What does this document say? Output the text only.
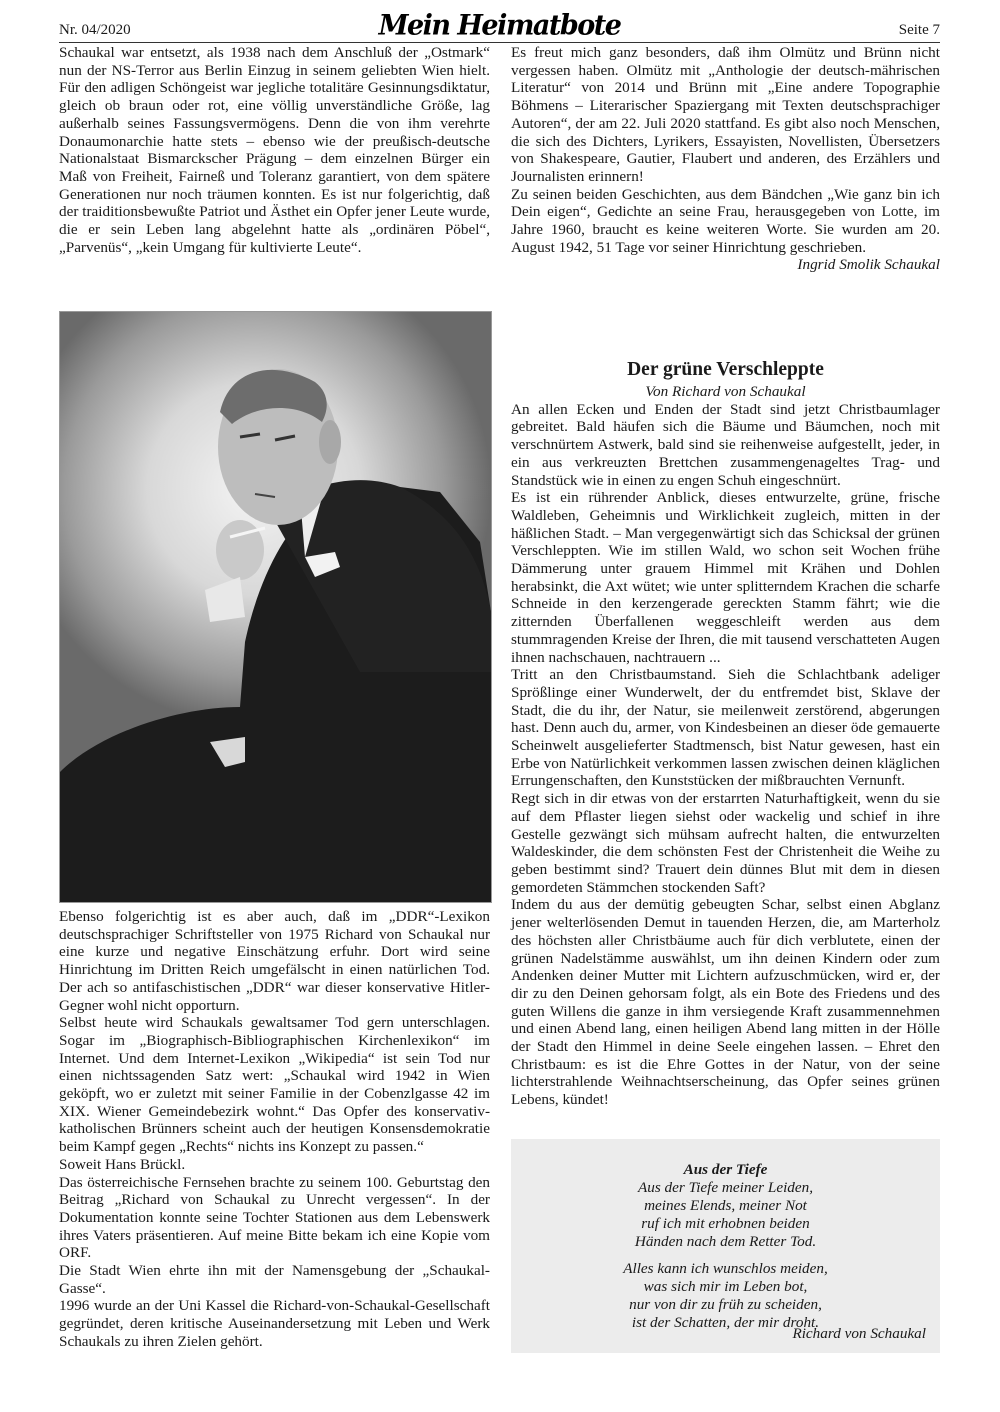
Nr. 04/2020	Mein Heimatbote	Seite 7

Schaukal war entsetzt, als 1938 nach dem Anschluß der „Ostmark“ nun der NS-Terror aus Berlin Einzug in seinem geliebten Wien hielt. Für den adligen Schöngeist war jegliche totalitäre Gesinnungsdiktatur, gleich ob braun oder rot, eine völlig unverständliche Größe, lag außerhalb seines Fassungsvermögens. Denn die von ihm verehrte Donaumonarchie hatte stets – ebenso wie der preußisch-deutsche Nationalstaat Bismarckscher Prägung – dem einzelnen Bürger ein Maß von Freiheit, Fairneß und Toleranz garantiert, von dem spätere Generationen nur noch träumen konnten. Es ist nur folgerichtig, daß der traiditionsbewußte Patriot und Ästhet ein Opfer jener Leute wurde, die er sein Leben lang abgelehnt hatte als „ordinären Pöbel“, „Parvenüs“, „kein Umgang für kultivierte Leute“.

Ebenso folgerichtig ist es aber auch, daß im „DDR“-Lexikon deutschsprachiger Schriftsteller von 1975 Richard von Schaukal nur eine kurze und negative Einschätzung erfuhr. Dort wird seine Hinrichtung im Dritten Reich umgefälscht in einen natürlichen Tod. Der ach so antifaschistischen „DDR“ war dieser konservative Hitler-Gegner wohl nicht opporturn.

Selbst heute wird Schaukals gewaltsamer Tod gern unterschlagen. Sogar im „Biographisch-Bibliographischen Kirchenlexikon“ im Internet. Und dem Internet-Lexikon „Wikipedia“ ist sein Tod nur einen nichtssagenden Satz wert: „Schaukal wird 1942 in Wien geköpft, wo er zuletzt mit seiner Familie in der Cobenzlgasse 42 im XIX. Wiener Gemeindebezirk wohnt.“ Das Opfer des konservativ-katholischen Brünners scheint auch der heutigen Konsensdemokratie beim Kampf gegen „Rechts“ nichts ins Konzept zu passen.“

Soweit Hans Brückl.

Das österreichische Fernsehen brachte zu seinem 100. Geburtstag den Beitrag „Richard von Schaukal zu Unrecht vergessen“. In der Dokumentation konnte seine Tochter Stationen aus dem Lebenswerk ihres Vaters präsentieren. Auf meine Bitte bekam ich eine Kopie vom ORF.

Die Stadt Wien ehrte ihn mit der Namensgebung der „Schaukal-Gasse“.

1996 wurde an der Uni Kassel die Richard-von-Schaukal-Gesellschaft gegründet, deren kritische Auseinandersetzung mit Leben und Werk Schaukals zu ihren Zielen gehört.

Es freut mich ganz besonders, daß ihm Olmütz und Brünn nicht vergessen haben. Olmütz mit „Anthologie der deutsch-mährischen Literatur“ von 2014 und Brünn mit „Eine andere Topographie Böhmens – Literarischer Spaziergang mit Texten deutschsprachiger Autoren“, der am 22. Juli 2020 stattfand. Es gibt also noch Menschen, die sich des Dichters, Lyrikers, Essayisten, Novellisten, Übersetzers von Shakespeare, Gautier, Flaubert und anderen, des Erzählers und Journalisten erinnern!

Zu seinen beiden Geschichten, aus dem Bändchen „Wie ganz bin ich Dein eigen“, Gedichte an seine Frau, herausgegeben von Lotte, im Jahre 1960, braucht es keine weiteren Worte. Sie wurden am 20. August 1942, 51 Tage vor seiner Hinrichtung geschrieben.

Ingrid Smolik Schaukal

Der grüne Verschleppte
Von Richard von Schaukal

An allen Ecken und Enden der Stadt sind jetzt Christbaumlager gebreitet. Bald häufen sich die Bäume und Bäumchen, noch mit verschnürtem Astwerk, bald sind sie reihenweise aufgestellt, jeder, in ein aus verkreuzten Brettchen zusammengenageltes Trag- und Standstück wie in einen zu engen Schuh eingeschnürt.

Es ist ein rührender Anblick, dieses entwurzelte, grüne, frische Waldleben, Geheimnis und Wirklichkeit zugleich, mitten in der häßlichen Stadt. – Man vergegenwärtigt sich das Schicksal der grünen Verschleppten. Wie im stillen Wald, wo schon seit Wochen frühe Dämmerung unter grauem Himmel mit Krähen und Dohlen herabsinkt, die Axt wütet; wie unter splitterndem Krachen die scharfe Schneide in den kerzengerade gereckten Stamm fährt; wie die zitternden Überfallenen weggeschleift werden aus dem stummragenden Kreise der Ihren, die mit tausend verschatteten Augen ihnen nachschauen, nachtrauern ...

Tritt an den Christbaumstand. Sieh die Schlachtbank adeliger Sprößlinge einer Wunderwelt, der du entfremdet bist, Sklave der Stadt, die du ihr, der Natur, sie meilenweit zerstörend, abgerungen hast. Denn auch du, armer, von Kindesbeinen an dieser öde gemauerte Scheinwelt ausgelieferter Stadtmensch, bist Natur gewesen, hast ein Erbe von Natürlichkeit verkommen lassen zwischen deinen kläglichen Errungenschaften, den Kunststücken der mißbrauchten Vernunft.

Regt sich in dir etwas von der erstarrten Naturhaftigkeit, wenn du sie auf dem Pflaster liegen siehst oder wackelig und schief in ihre Gestelle gezwängt sich mühsam aufrecht halten, die entwurzelten Waldeskinder, die dem schönsten Fest der Christenheit die Weihe zu geben bestimmt sind? Trauert dein dünnes Blut mit dem in diesen gemordeten Stämmchen stockenden Saft?

Indem du aus der demütig gebeugten Schar, selbst einen Abglanz jener welterlösenden Demut in tauenden Herzen, die, am Marterholz des höchsten aller Christbäume auch für dich verblutete, einen der grünen Nadelstämme auswählst, um ihn deinen Kindern oder zum Andenken deiner Mutter mit Lichtern aufzuschmücken, wird er, der dir zu den Deinen gehorsam folgt, als ein Bote des Friedens und des guten Willens die ganze in ihm versiegende Kraft zusammennehmen und einen Abend lang, einen heiligen Abend lang mitten in der Hölle der Stadt den Himmel in deine Seele eingehen lassen. – Ehret den Christbaum: es ist die Ehre Gottes in der Natur, von der seine lichterstrahlende Weihnachtserscheinung, das Opfer seines grünen Lebens, kündet!

Aus der Tiefe
Aus der Tiefe meiner Leiden,
meines Elends, meiner Not
ruf ich mit erhobnen beiden
Händen nach dem Retter Tod.
Alles kann ich wunschlos meiden,
was sich mir im Leben bot,
nur von dir zu früh zu scheiden,
ist der Schatten, der mir droht.
Richard von Schaukal
